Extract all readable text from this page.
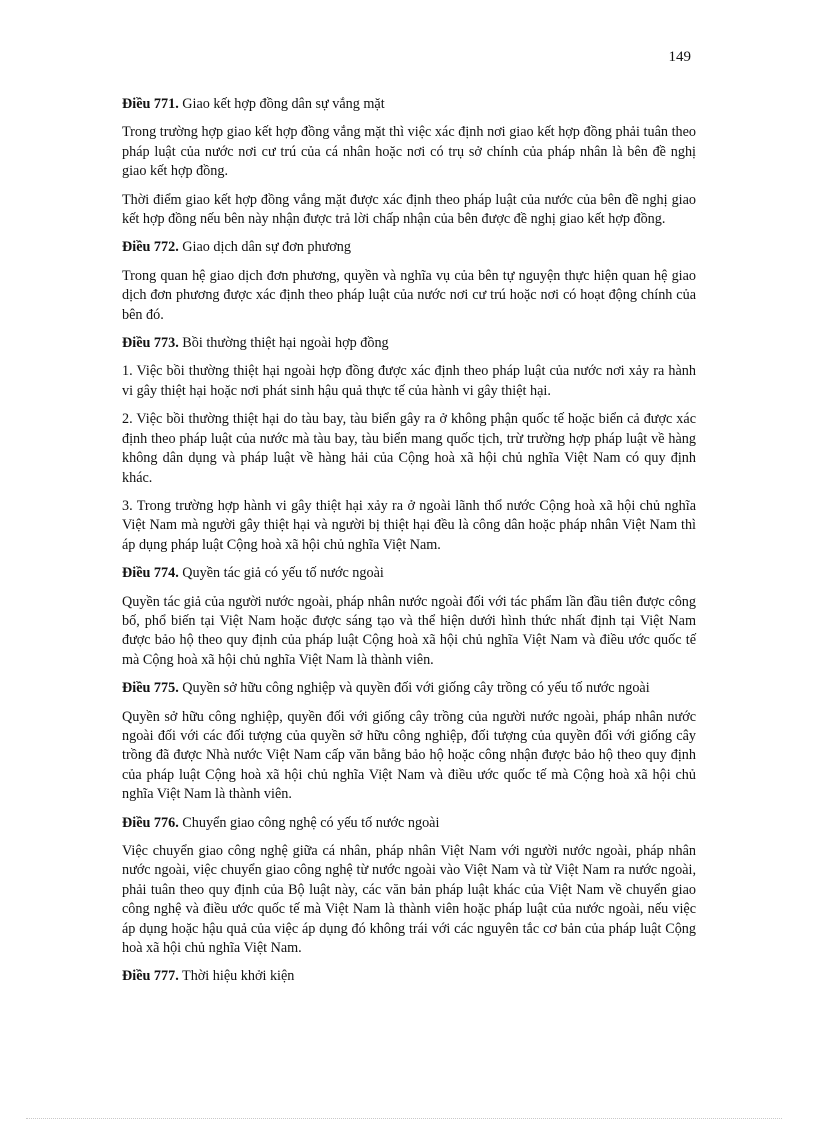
149
Điều 771. Giao kết hợp đồng dân sự vắng mặt

Trong trường hợp giao kết hợp đồng vắng mặt thì việc xác định nơi giao kết hợp đồng phải tuân theo pháp luật của nước nơi cư trú của cá nhân hoặc nơi có trụ sở chính của pháp nhân là bên đề nghị giao kết hợp đồng.

Thời điểm giao kết hợp đồng vắng mặt được xác định theo pháp luật của nước của bên đề nghị giao kết hợp đồng nếu bên này nhận được trả lời chấp nhận của bên được đề nghị giao kết hợp đồng.

Điều 772. Giao dịch dân sự đơn phương

Trong quan hệ giao dịch đơn phương, quyền và nghĩa vụ của bên tự nguyện thực hiện quan hệ giao dịch đơn phương được xác định theo pháp luật của nước nơi cư trú hoặc nơi có hoạt động chính của bên đó.

Điều 773. Bồi thường thiệt hại ngoài hợp đồng

1. Việc bồi thường thiệt hại ngoài hợp đồng được xác định theo pháp luật của nước nơi xảy ra hành vi gây thiệt hại hoặc nơi phát sinh hậu quả thực tế của hành vi gây thiệt hại.

2. Việc bồi thường thiệt hại do tàu bay, tàu biển gây ra ở không phận quốc tế hoặc biển cả được xác định theo pháp luật của nước mà tàu bay, tàu biển mang quốc tịch, trừ trường hợp pháp luật về hàng không dân dụng và pháp luật về hàng hải của Cộng hoà xã hội chủ nghĩa Việt Nam có quy định khác.

3. Trong trường hợp hành vi gây thiệt hại xảy ra ở ngoài lãnh thổ nước Cộng hoà xã hội chủ nghĩa Việt Nam mà người gây thiệt hại và người bị thiệt hại đều là công dân hoặc pháp nhân Việt Nam thì áp dụng pháp luật Cộng hoà xã hội chủ nghĩa Việt Nam.

Điều 774. Quyền tác giả có yếu tố nước ngoài

Quyền tác giả của người nước ngoài, pháp nhân nước ngoài đối với tác phẩm lần đầu tiên được công bố, phổ biến tại Việt Nam hoặc được sáng tạo và thể hiện dưới hình thức nhất định tại Việt Nam được bảo hộ theo quy định của pháp luật Cộng hoà xã hội chủ nghĩa Việt Nam và điều ước quốc tế mà Cộng hoà xã hội chủ nghĩa Việt Nam là thành viên.

Điều 775. Quyền sở hữu công nghiệp và quyền đối với giống cây trồng có yếu tố nước ngoài

Quyền sở hữu công nghiệp, quyền đối với giống cây trồng của người nước ngoài, pháp nhân nước ngoài đối với các đối tượng của quyền sở hữu công nghiệp, đối tượng của quyền đối với giống cây trồng đã được Nhà nước Việt Nam cấp văn bằng bảo hộ hoặc công nhận được bảo hộ theo quy định của pháp luật Cộng hoà xã hội chủ nghĩa Việt Nam và điều ước quốc tế mà Cộng hoà xã hội chủ nghĩa Việt Nam là thành viên.

Điều 776. Chuyển giao công nghệ có yếu tố nước ngoài

Việc chuyển giao công nghệ giữa cá nhân, pháp nhân Việt Nam với người nước ngoài, pháp nhân nước ngoài, việc chuyển giao công nghệ từ nước ngoài vào Việt Nam và từ Việt Nam ra nước ngoài, phải tuân theo quy định của Bộ luật này, các văn bản pháp luật khác của Việt Nam về chuyển giao công nghệ và điều ước quốc tế mà Việt Nam là thành viên hoặc pháp luật của nước ngoài, nếu việc áp dụng hoặc hậu quả của việc áp dụng đó không trái với các nguyên tắc cơ bản của pháp luật Cộng hoà xã hội chủ nghĩa Việt Nam.

Điều 777. Thời hiệu khởi kiện
